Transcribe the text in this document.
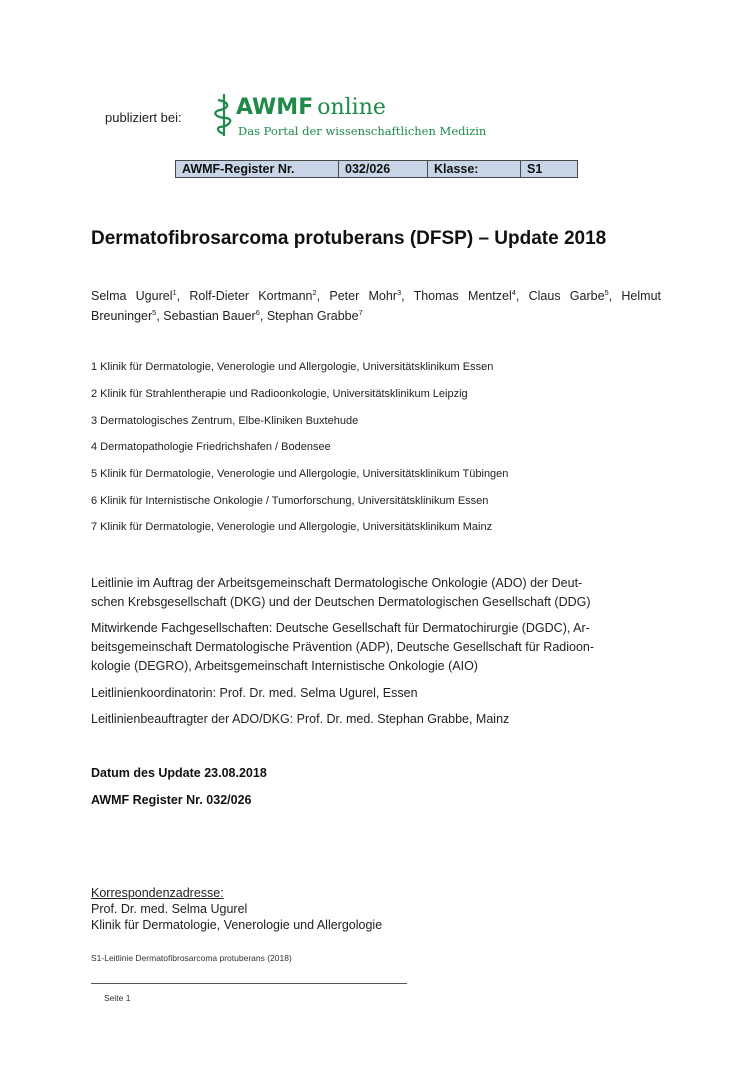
publiziert bei: AWMF online
Das Portal der wissenschaftlichen Medizin
AWMF-Register Nr.	032/026	Klasse:	S1
Dermatofibrosarcoma protuberans (DFSP) – Update 2018
Selma Ugurel$^1$, Rolf-Dieter Kortmann$^2$, Peter Mohr$^3$, Thomas Mentzel$^4$, Claus Garbe$^5$, Helmut Breuninger$^5$, Sebastian Bauer$^6$, Stephan Grabbe$^7$
1 Klinik für Dermatologie, Venerologie und Allergologie, Universitätsklinikum Essen
2 Klinik für Strahlentherapie und Radioonkologie, Universitätsklinikum Leipzig
3 Dermatologisches Zentrum, Elbe-Kliniken Buxtehude
4 Dermatopathologie Friedrichshafen / Bodensee
5 Klinik für Dermatologie, Venerologie und Allergologie, Universitätsklinikum Tübingen
6 Klinik für Internistische Onkologie / Tumorforschung, Universitätsklinikum Essen
7 Klinik für Dermatologie, Venerologie und Allergologie, Universitätsklinikum Mainz
Leitlinie im Auftrag der Arbeitsgemeinschaft Dermatologische Onkologie (ADO) der Deut-
schen Krebsgesellschaft (DKG) und der Deutschen Dermatologischen Gesellschaft (DDG)
Mitwirkende Fachgesellschaften: Deutsche Gesellschaft für Dermatochirurgie (DGDC), Ar-
beitsgemeinschaft Dermatologische Prävention (ADP), Deutsche Gesellschaft für Radioon-
kologie (DEGRO), Arbeitsgemeinschaft Internistische Onkologie (AIO)
Leitlinienkoordinatorin: Prof. Dr. med. Selma Ugurel, Essen
Leitlinienbeauftragter der ADO/DKG: Prof. Dr. med. Stephan Grabbe, Mainz
Datum des Update 23.08.2018
AWMF Register Nr. 032/026
Korrespondenzadresse:
Prof. Dr. med. Selma Ugurel
Klinik für Dermatologie, Venerologie und Allergologie
S1-Leitlinie Dermatofibrosarcoma protuberans (2018)
Seite 1
